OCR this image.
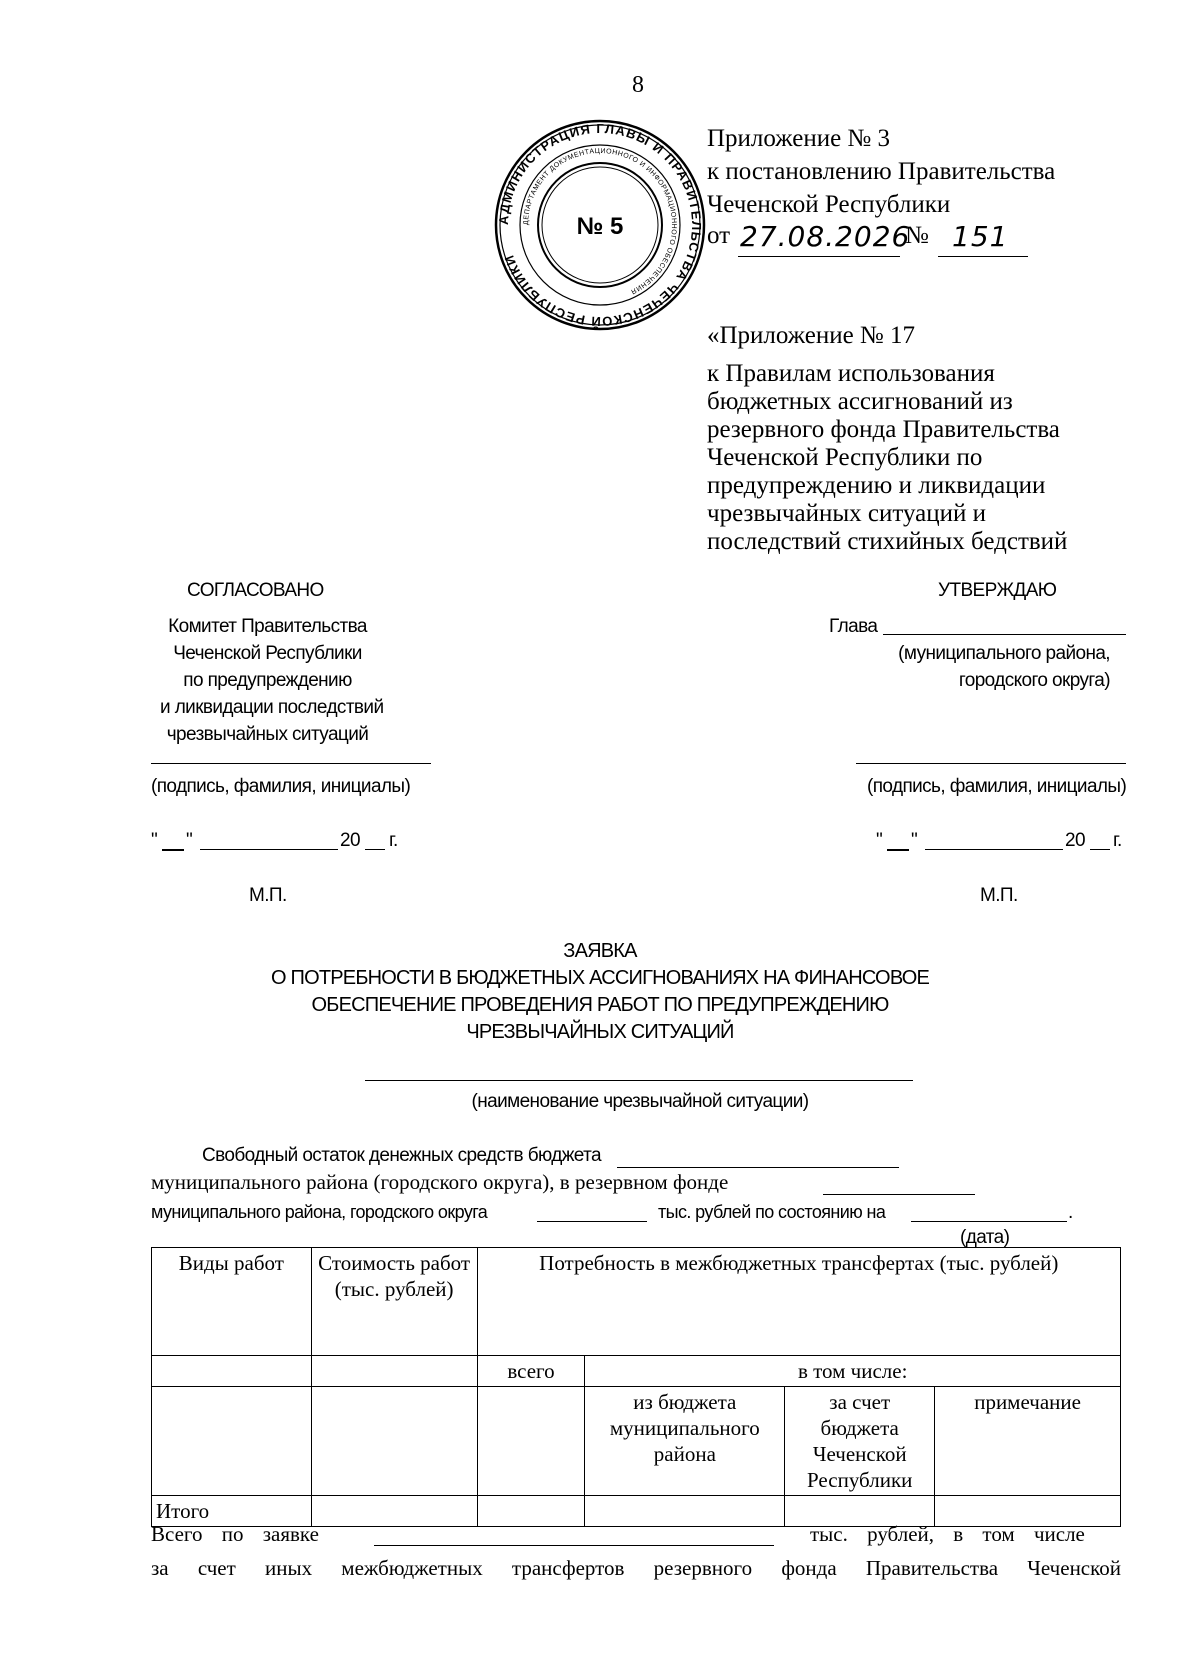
8
АДМИНИСТРАЦИЯ ГЛАВЫ И ПРАВИТЕЛЬСТВА ЧЕЧЕНСКОЙ РЕСПУБЛИКИ
ДЕПАРТАМЕНТ ДОКУМЕНТАЦИОННОГО И ИНФОРМАЦИОННОГО ОБЕСПЕЧЕНИЯ
№ 5
Приложение № 3
к постановлению Правительства
Чеченской Республики
от 27.08.2026
№ 151
«Приложение № 17
к Правилам использования
бюджетных ассигнований из
резервного фонда Правительства
Чеченской Республики по
предупреждению и ликвидации
чрезвычайных ситуаций и
последствий стихийных бедствий
СОГЛАСОВАНО
Комитет Правительства
Чеченской Республики
по предупреждению
и ликвидации последствий
чрезвычайных ситуаций
(подпись, фамилия, инициалы)
" "	20 г.
М.П.
УТВЕРЖДАЮ
Глава
(муниципального района,
городского округа)
(подпись, фамилия, инициалы)
" "	20 г.
М.П.
ЗАЯВКА
О ПОТРЕБНОСТИ В БЮДЖЕТНЫХ АССИГНОВАНИЯХ НА ФИНАНСОВОЕ
ОБЕСПЕЧЕНИЕ ПРОВЕДЕНИЯ РАБОТ ПО ПРЕДУПРЕЖДЕНИЮ
ЧРЕЗВЫЧАЙНЫХ СИТУАЦИЙ
(наименование чрезвычайной ситуации)
Свободный остаток денежных средств бюджета
муниципального района (городского округа), в резервном фонде
муниципального района, городского округа	тыс. рублей по состоянию на	.
(дата)
Виды работ	Стоимость работ (тыс. рублей)	Потребность в межбюджетных трансфертах (тыс. рублей)			
		всего	в том числе:		
			из бюджета муниципального района	за счет бюджета Чеченской Республики	примечание
Итого					
Всего по заявке	тыс. рублей, в том числе
за счет иных межбюджетных трансфертов резервного фонда Правительства Чеченской
